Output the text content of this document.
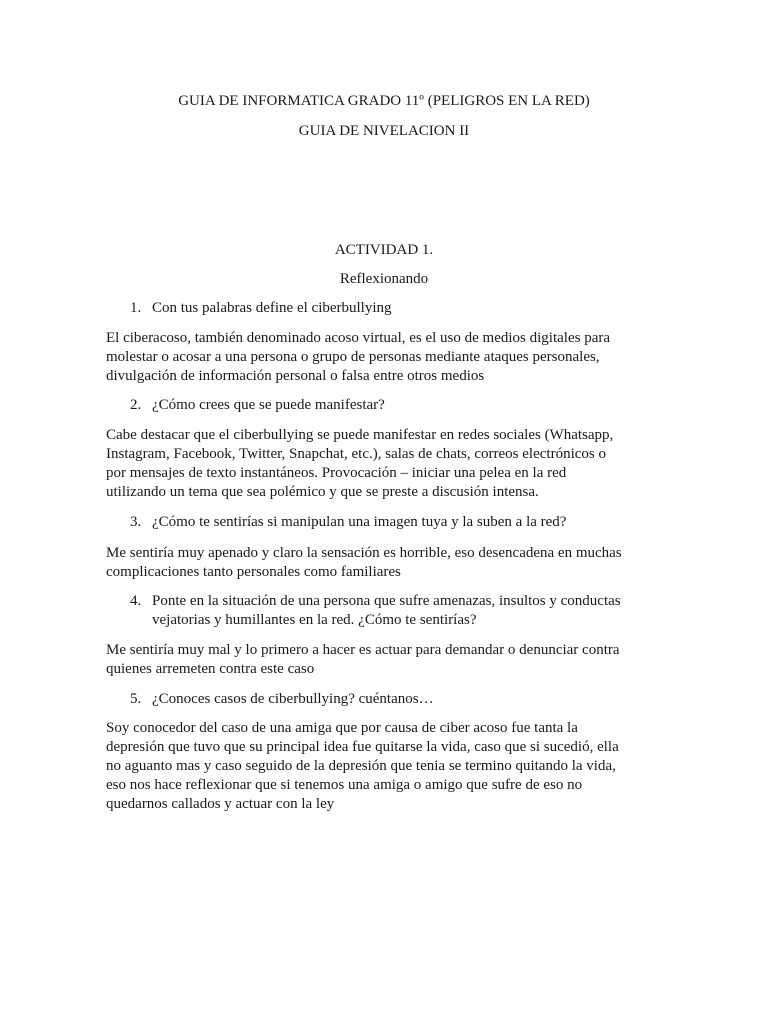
GUIA DE INFORMATICA GRADO 11º (PELIGROS EN LA RED)
GUIA DE NIVELACION II
ACTIVIDAD 1.
Reflexionando
1. Con tus palabras define el ciberbullying

El ciberacoso, también denominado acoso virtual, es el uso de medios digitales para molestar o acosar a una persona o grupo de personas mediante ataques personales, divulgación de información personal o falsa entre otros medios

2. ¿Cómo crees que se puede manifestar?

Cabe destacar que el ciberbullying se puede manifestar en redes sociales (Whatsapp, Instagram, Facebook, Twitter, Snapchat, etc.), salas de chats, correos electrónicos o por mensajes de texto instantáneos. Provocación – iniciar una pelea en la red utilizando un tema que sea polémico y que se preste a discusión intensa.

3. ¿Cómo te sentirías si manipulan una imagen tuya y la suben a la red?

Me sentiría muy apenado y claro la sensación es horrible, eso desencadena en muchas complicaciones tanto personales como familiares

4. Ponte en la situación de una persona que sufre amenazas, insultos y conductas
vejatorias y humillantes en la red. ¿Cómo te sentirías?

Me sentiría muy mal y lo primero a hacer es actuar para demandar o denunciar contra quienes arremeten contra este caso

5. ¿Conoces casos de ciberbullying? cuéntanos…

Soy conocedor del caso de una amiga que por causa de ciber acoso fue tanta la depresión que tuvo que su principal idea fue quitarse la vida, caso que si sucedió, ella no aguanto mas y caso seguido de la depresión que tenia se termino quitando la vida, eso nos hace reflexionar que si tenemos una amiga o amigo que sufre de eso no quedarnos callados y actuar con la ley
